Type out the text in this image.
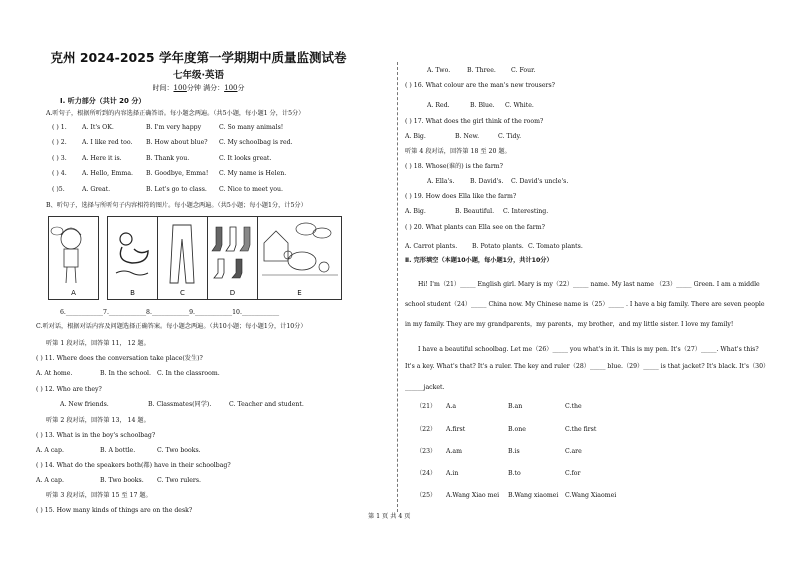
克州 2024-2025 学年度第一学期期中质量监测试卷
七年级·英语
时间：100分钟 满分：100分
Ⅰ. 听力部分（共计 20 分）
A.听句子，根据所听到的内容选择正确答语。每小题念两遍。（共5小题，每小题1 分，计5分）
( ) 1. A. It's OK.	B. I'm very happy	C. So many animals!
( ) 2. A. I like red too. B. How about blue? C. My schoolbag is red.
( ) 3. A. Here it is.	B. Thank you.	C. It looks great.
( ) 4. A. Hello, Emma. B. Goodbye, Emma! C. My name is Helen.
( )5.	A. Great.	B. Let's go to class. C. Nice to meet you.
B、听句子，选择与所听句子内容相符的图片。每小题念两遍。（共5小题；每小题1分，计5分）
A	B	C	D	E
6.____________7.____________8.____________9.____________10.____________
C.听对话，根据对话内容及问题选择正确答案。每小题念两遍。（共10小题；每小题1分，计10分）
听第 1 段对话，回答第 11， 12 题。
( ) 11. Where does the conversation take place(发生)?
A. At home.	B. In the school. C. In the classroom.
( ) 12. Who are they?
A. New friends.	B. Classmates(同学).	C. Teacher and student.
听第 2 段对话，回答第 13， 14 题。
( ) 13. What is in the boy's schoolbag?
A. A cap.	B. A bottle.	C. Two books.
( ) 14. What do the speakers both(都) have in their schoolbag?
A. A cap.	B. Two books. C. Two rulers.
听第 3 段对话，回答第 15 至 17 题。
( ) 15. How many kinds of things are on the desk?
A. Two.	B. Three. C. Four.
( ) 16. What colour are the man's new trousers?
A. Red.	B. Blue. C. White.
( ) 17. What does the girl think of the room?
A. Big.	B. New.	C. Tidy.
听第 4 段对话，回答第 18 至 20 题。
( ) 18. Whose(谁的) is the farm?
A. Ella's.	B. David's. C. David's uncle's.
( ) 19. How does Ella like the farm?
A. Big.	B. Beautiful. C. Interesting.
( ) 20. What plants can Ella see on the farm?
A. Carrot plants. B. Potato plants. C. Tomato plants.
Ⅱ. 完形填空（本题10小题，每小题1分，共计10分）
Hi! I'm（21）_____ English girl. Mary is my（22）_____ name. My last name （23）_____ Green. I am a middle
school student（24）_____ China now. My Chinese name is（25）_____ . I have a big family. There are seven people
in my family. They are my grandparents，my parents，my brother，and my little sister. I love my family!
I have a beautiful schoolbag. Let me（26）_____ you what's in it. This is my pen. It's（27）_____. What's this?
It's a key. What's that? It's a ruler. The key and ruler（28）_____ blue.（29）_____ is that jacket? It's black. It's（30）
______jacket.
（21） A.a	B.an	C.the
（22） A.first	B.one	C.the first
（23） A.am	B.is	C.are
（24） A.in	B.to	C.for
（25） A.Wang Xiao mei B.Wang xiaomei C.Wang Xiaomei
第 1 页 共 4 页
